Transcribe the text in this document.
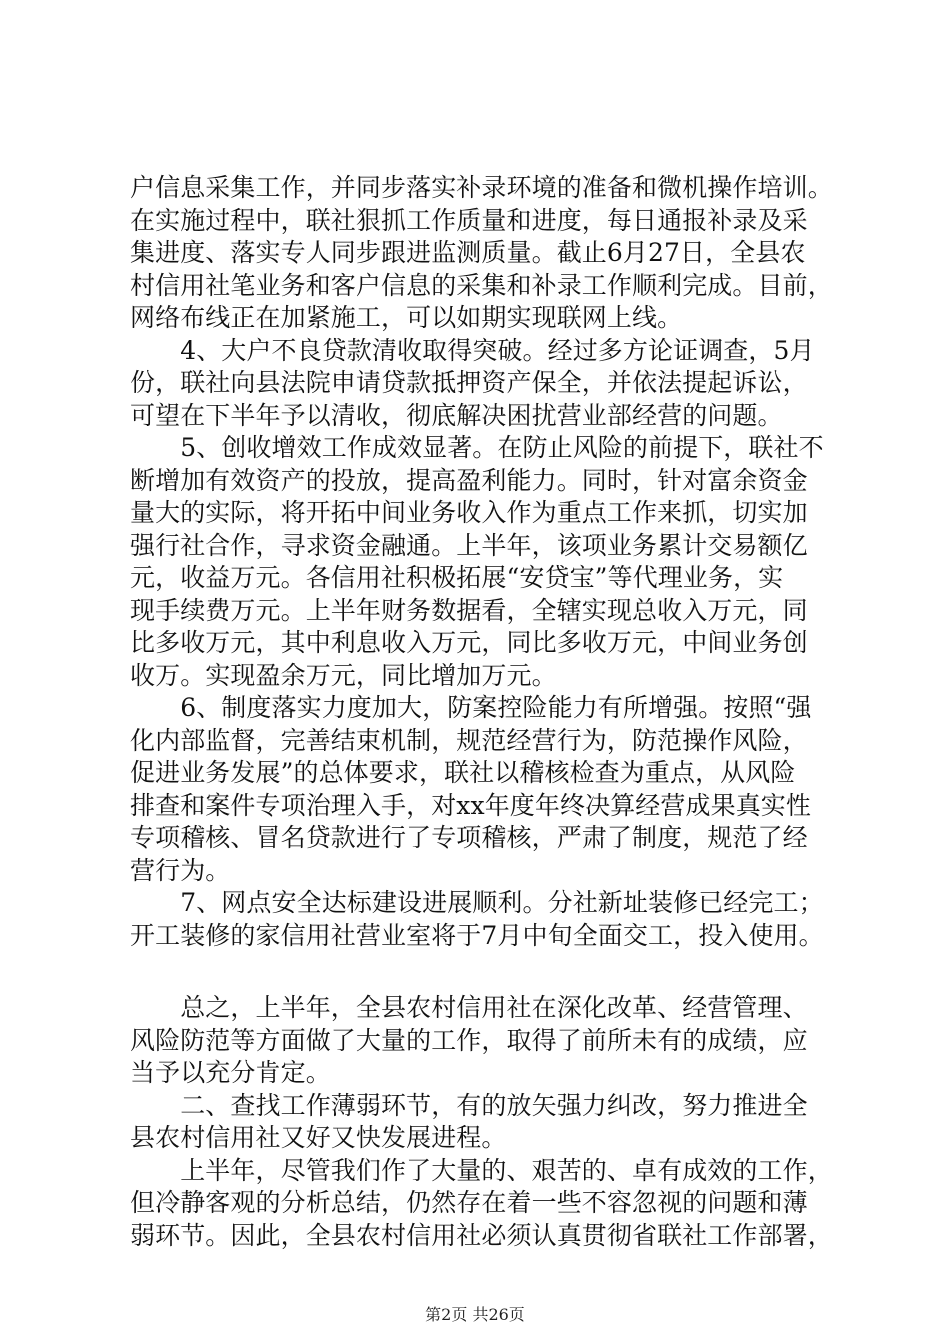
户信息采集工作，并同步落实补录环境的准备和微机操作培训。
在实施过程中，联社狠抓工作质量和进度，每日通报补录及采
集进度、落实专人同步跟进监测质量。截止6月27日，全县农
村信用社笔业务和客户信息的采集和补录工作顺利完成。目前，
网络布线正在加紧施工，可以如期实现联网上线。
　　4、大户不良贷款清收取得突破。经过多方论证调查，5月
份，联社向县法院申请贷款抵押资产保全，并依法提起诉讼，
可望在下半年予以清收，彻底解决困扰营业部经营的问题。
　　5、创收增效工作成效显著。在防止风险的前提下，联社不
断增加有效资产的投放，提高盈利能力。同时，针对富余资金
量大的实际，将开拓中间业务收入作为重点工作来抓，切实加
强行社合作，寻求资金融通。上半年，该项业务累计交易额亿
元，收益万元。各信用社积极拓展“安贷宝”等代理业务，实
现手续费万元。上半年财务数据看，全辖实现总收入万元，同
比多收万元，其中利息收入万元，同比多收万元，中间业务创
收万。实现盈余万元，同比增加万元。
　　6、制度落实力度加大，防案控险能力有所增强。按照“强
化内部监督，完善结束机制，规范经营行为，防范操作风险，
促进业务发展”的总体要求，联社以稽核检查为重点，从风险
排查和案件专项治理入手，对xx年度年终决算经营成果真实性
专项稽核、冒名贷款进行了专项稽核，严肃了制度，规范了经
营行为。
　　7、网点安全达标建设进展顺利。分社新址装修已经完工；
开工装修的家信用社营业室将于7月中旬全面交工，投入使用。
　　总之，上半年，全县农村信用社在深化改革、经营管理、
风险防范等方面做了大量的工作，取得了前所未有的成绩，应
当予以充分肯定。
　　二、查找工作薄弱环节，有的放矢强力纠改，努力推进全
县农村信用社又好又快发展进程。
　　上半年，尽管我们作了大量的、艰苦的、卓有成效的工作，
但冷静客观的分析总结，仍然存在着一些不容忽视的问题和薄
弱环节。因此，全县农村信用社必须认真贯彻省联社工作部署，
第2页 共26页
